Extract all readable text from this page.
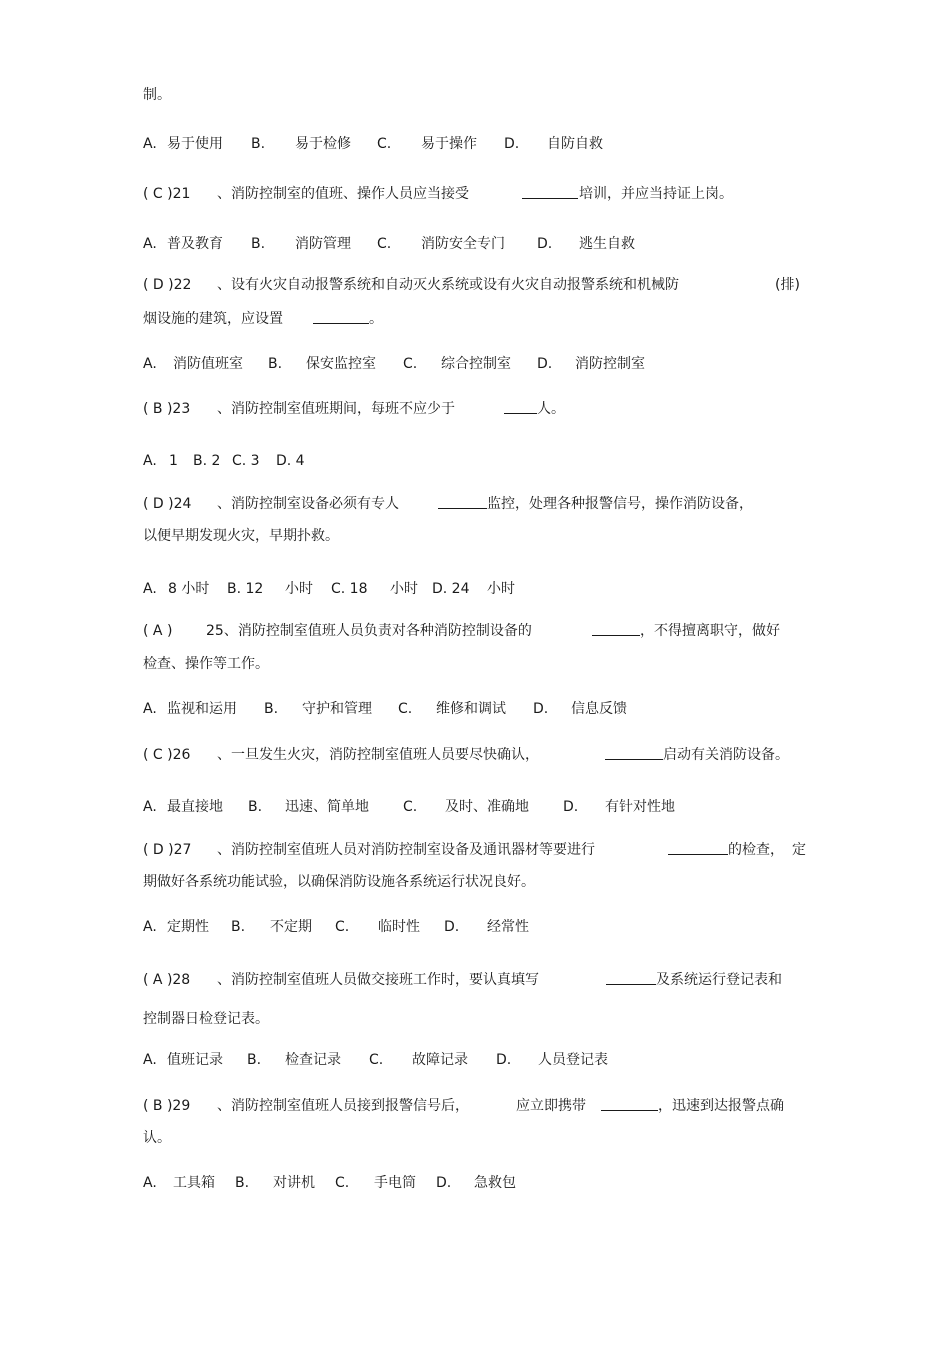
制。
A. 易于使用 B. 易于检修 C. 易于操作 D. 自防自救
( C )21 、消防控制室的值班、操作人员应当接受	培训，并应当持证上岗。
A. 普及教育 B. 消防管理 C. 消防安全专门 D. 逃生自救
( D )22 、设有火灾自动报警系统和自动灭火系统或设有火灾自动报警系统和机械防	(排)
烟设施的建筑，应设置	。
A. 消防值班室 B. 保安监控室 C. 综合控制室 D. 消防控制室
( B )23 、消防控制室值班期间，每班不应少于	人。
A. 1 B. 2 C. 3 D. 4
( D )24 、消防控制室设备必须有专人	监控，处理各种报警信号，操作消防设备，
以便早期发现火灾，早期扑救。
A. 8 小时 B. 12 小时 C. 18 小时 D. 24 小时
( A ) 25、消防控制室值班人员负责对各种消防控制设备的	，不得擅离职守，做好
检查、操作等工作。
A. 监视和运用 B. 守护和管理 C. 维修和调试 D. 信息反馈
( C )26 、一旦发生火灾，消防控制室值班人员要尽快确认，	启动有关消防设备。
A. 最直接地 B. 迅速、简单地 C. 及时、准确地 D. 有针对性地
( D )27 、消防控制室值班人员对消防控制室设备及通讯器材等要进行	的检查， 定
期做好各系统功能试验，以确保消防设施各系统运行状况良好。
A. 定期性 B. 不定期 C. 临时性 D. 经常性
( A )28 、消防控制室值班人员做交接班工作时，要认真填写	及系统运行登记表和
控制器日检登记表。
A. 值班记录 B. 检查记录 C. 故障记录 D. 人员登记表
( B )29 、消防控制室值班人员接到报警信号后，	应立即携带	，迅速到达报警点确
认。
A. 工具箱 B. 对讲机 C. 手电筒 D. 急救包
